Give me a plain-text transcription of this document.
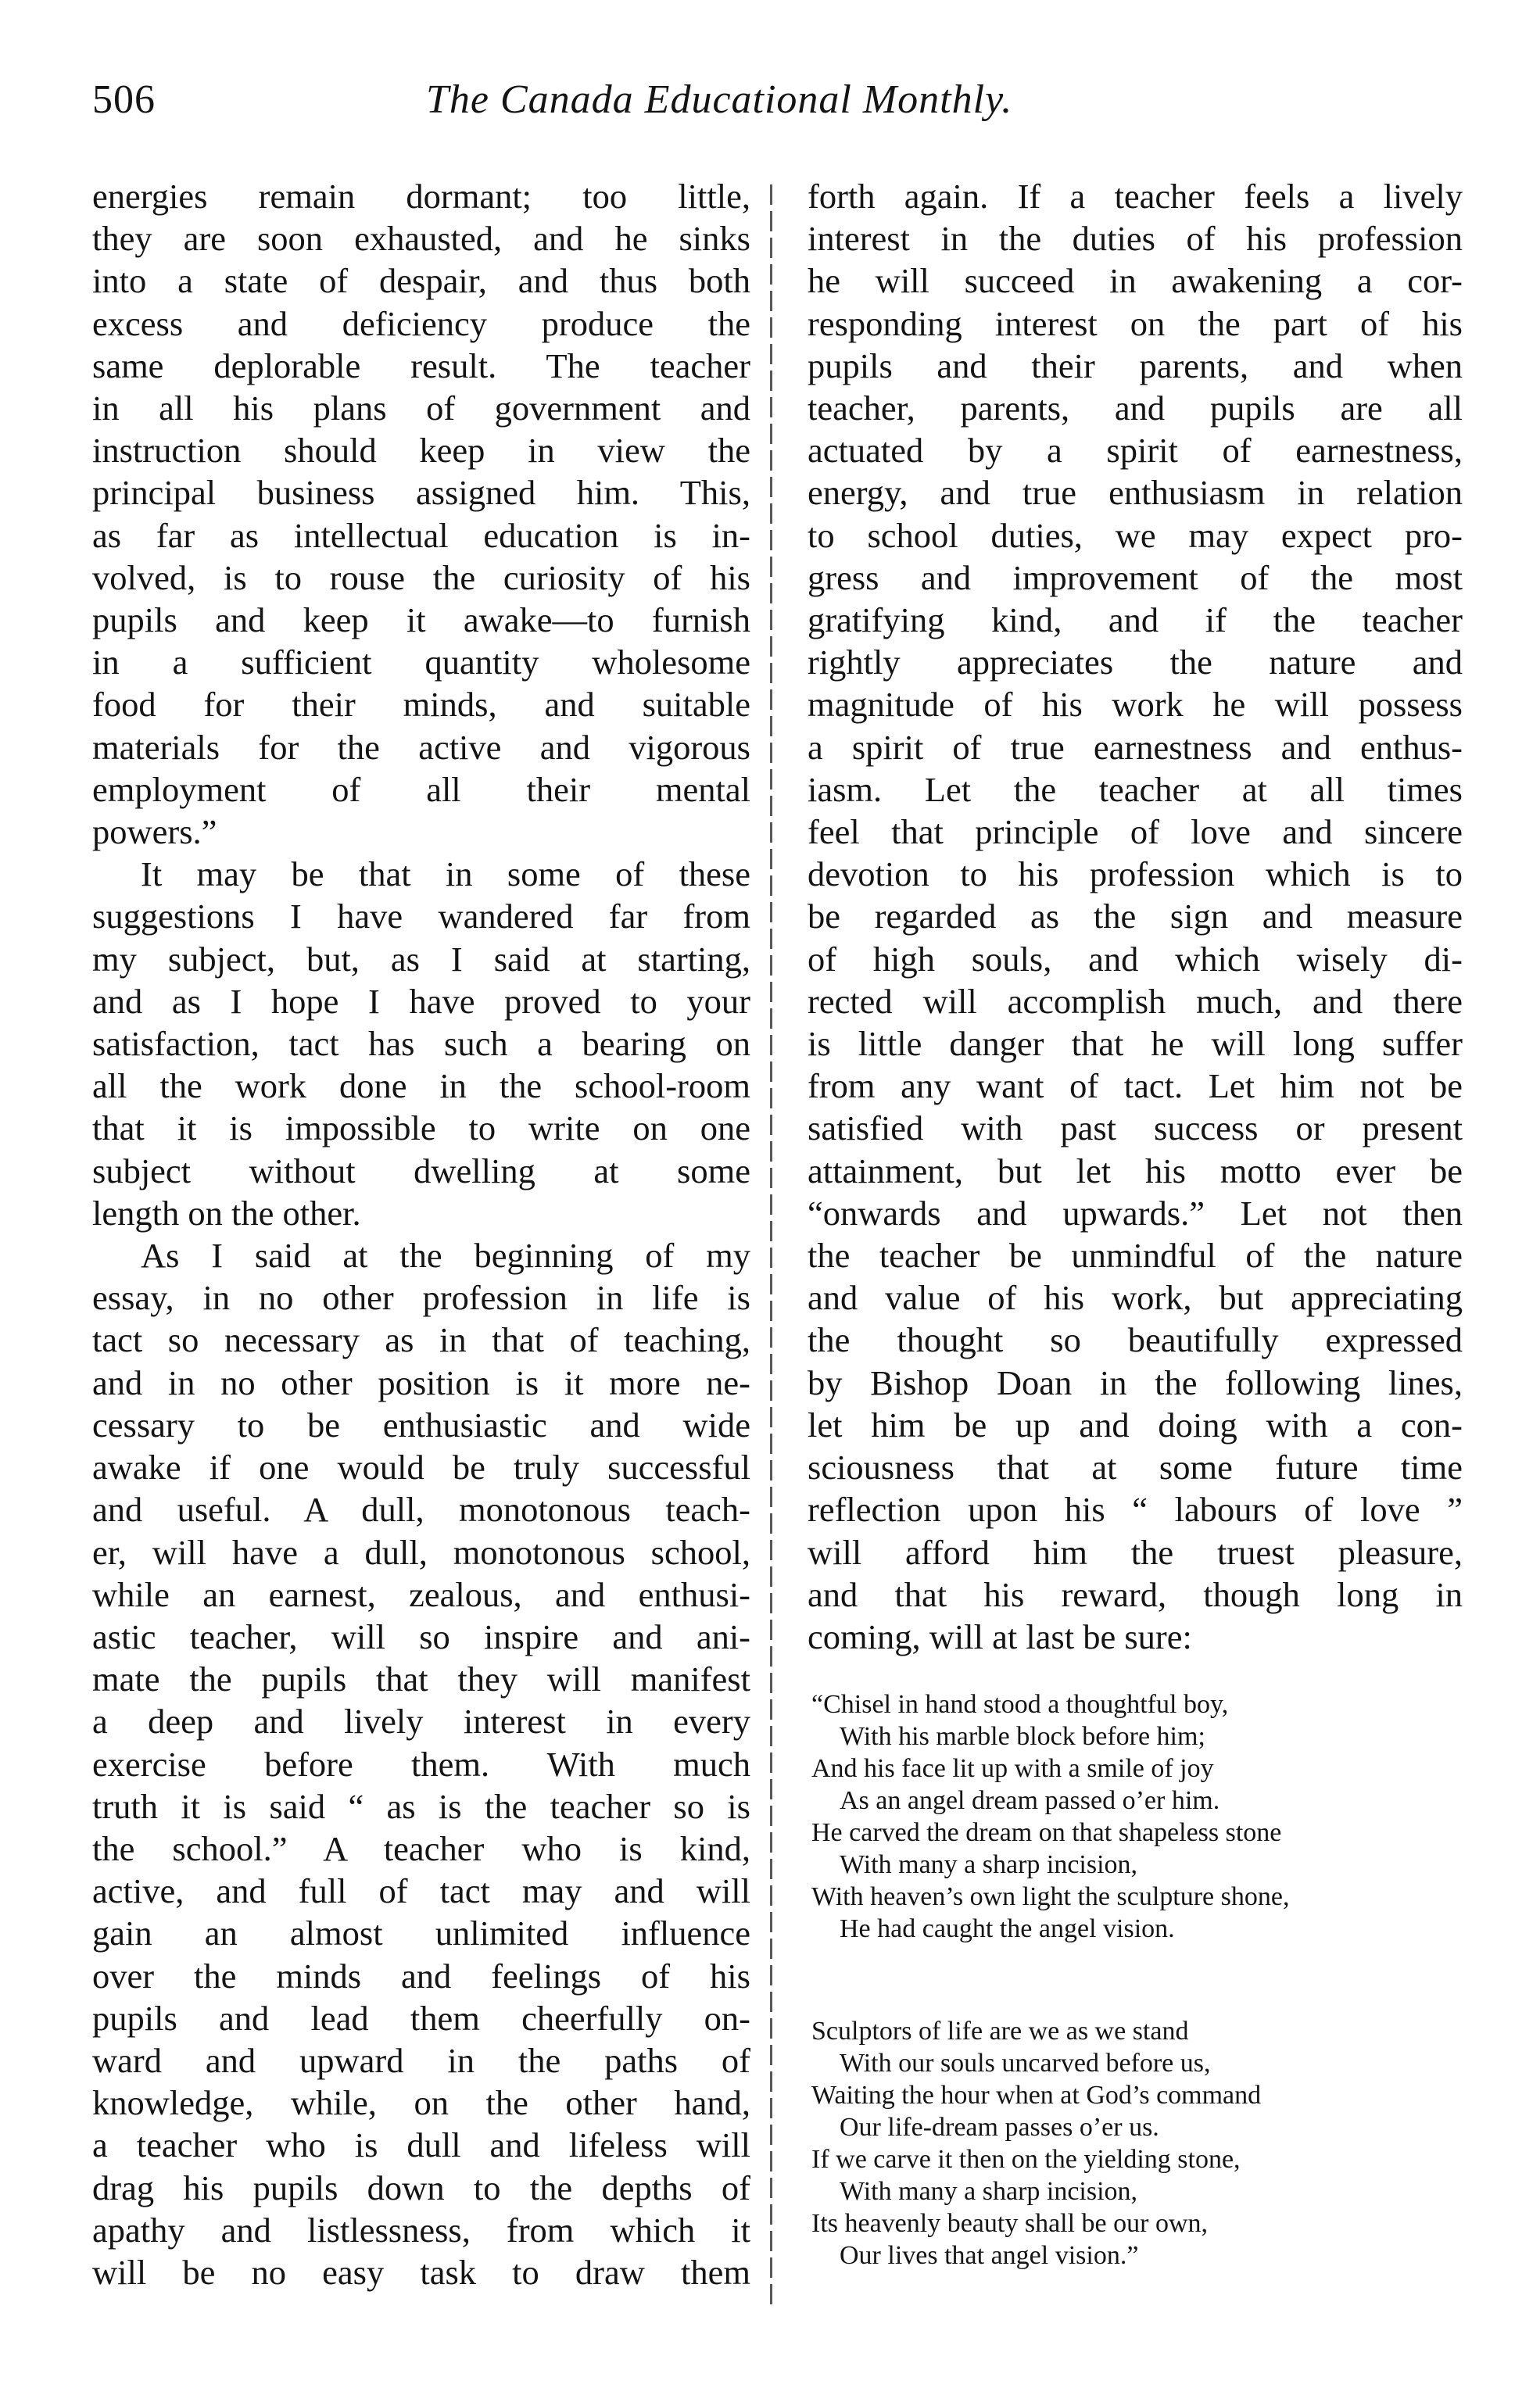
506	The Canada Educational Monthly.
energies remain dormant; too little,
they are soon exhausted, and he sinks
into a state of despair, and thus both
excess and deficiency produce the
same deplorable result. The teacher
in all his plans of government and
instruction should keep in view the
principal business assigned him. This,
as far as intellectual education is in-
volved, is to rouse the curiosity of his
pupils and keep it awake—to furnish
in a sufficient quantity wholesome
food for their minds, and suitable
materials for the active and vigorous
employment of all their mental
powers.”
It may be that in some of these
suggestions I have wandered far from
my subject, but, as I said at starting,
and as I hope I have proved to your
satisfaction, tact has such a bearing on
all the work done in the school-room
that it is impossible to write on one
subject without dwelling at some
length on the other.
As I said at the beginning of my
essay, in no other profession in life is
tact so necessary as in that of teaching,
and in no other position is it more ne-
cessary to be enthusiastic and wide
awake if one would be truly successful
and useful. A dull, monotonous teach-
er, will have a dull, monotonous school,
while an earnest, zealous, and enthusi-
astic teacher, will so inspire and ani-
mate the pupils that they will manifest
a deep and lively interest in every
exercise before them. With much
truth it is said “ as is the teacher so is
the school.” A teacher who is kind,
active, and full of tact may and will
gain an almost unlimited influence
over the minds and feelings of his
pupils and lead them cheerfully on-
ward and upward in the paths of
knowledge, while, on the other hand,
a teacher who is dull and lifeless will
drag his pupils down to the depths of
apathy and listlessness, from which it
will be no easy task to draw them
forth again. If a teacher feels a lively
interest in the duties of his profession
he will succeed in awakening a cor-
responding interest on the part of his
pupils and their parents, and when
teacher, parents, and pupils are all
actuated by a spirit of earnestness,
energy, and true enthusiasm in relation
to school duties, we may expect pro-
gress and improvement of the most
gratifying kind, and if the teacher
rightly appreciates the nature and
magnitude of his work he will possess
a spirit of true earnestness and enthus-
iasm. Let the teacher at all times
feel that principle of love and sincere
devotion to his profession which is to
be regarded as the sign and measure
of high souls, and which wisely di-
rected will accomplish much, and there
is little danger that he will long suffer
from any want of tact. Let him not be
satisfied with past success or present
attainment, but let his motto ever be
“onwards and upwards.” Let not then
the teacher be unmindful of the nature
and value of his work, but appreciating
the thought so beautifully expressed
by Bishop Doan in the following lines,
let him be up and doing with a con-
sciousness that at some future time
reflection upon his “ labours of love ”
will afford him the truest pleasure,
and that his reward, though long in
coming, will at last be sure:
“Chisel in hand stood a thoughtful boy,
With his marble block before him;
And his face lit up with a smile of joy
As an angel dream passed o’er him.
He carved the dream on that shapeless stone
With many a sharp incision,
With heaven’s own light the sculpture shone,
He had caught the angel vision.
Sculptors of life are we as we stand
With our souls uncarved before us,
Waiting the hour when at God’s command
Our life-dream passes o’er us.
If we carve it then on the yielding stone,
With many a sharp incision,
Its heavenly beauty shall be our own,
Our lives that angel vision.”
